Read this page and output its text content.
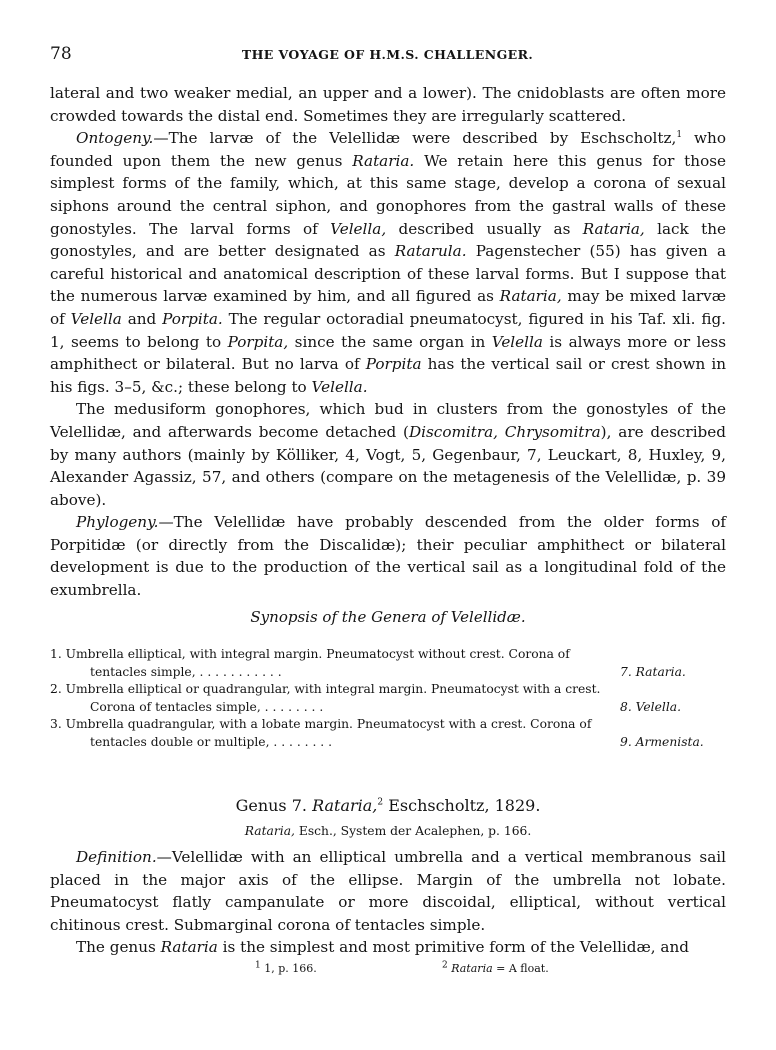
78	THE VOYAGE OF H.M.S. CHALLENGER.

lateral and two weaker medial, an upper and a lower). The cnidoblasts are often more crowded towards the distal end. Sometimes they are irregularly scattered.

Ontogeny.—The larvæ of the Velellidæ were described by Eschscholtz,$^1$ who founded upon them the new genus Rataria. We retain here this genus for those simplest forms of the family, which, at this same stage, develop a corona of sexual siphons around the central siphon, and gonophores from the gastral walls of these gonostyles. The larval forms of Velella, described usually as Rataria, lack the gonostyles, and are better designated as Ratarula. Pagenstecher (55) has given a careful historical and anatomical description of these larval forms. But I suppose that the numerous larvæ examined by him, and all figured as Rataria, may be mixed larvæ of Velella and Porpita. The regular octoradial pneumatocyst, figured in his Taf. xli. fig. 1, seems to belong to Porpita, since the same organ in Velella is always more or less amphithect or bilateral. But no larva of Porpita has the vertical sail or crest shown in his figs. 3–5, &c.; these belong to Velella.

The medusiform gonophores, which bud in clusters from the gonostyles of the Velellidæ, and afterwards become detached (Discomitra, Chrysomitra), are described by many authors (mainly by Kölliker, 4, Vogt, 5, Gegenbaur, 7, Leuckart, 8, Huxley, 9, Alexander Agassiz, 57, and others (compare on the metagenesis of the Velellidæ, p. 39 above).

Phylogeny.—The Velellidæ have probably descended from the older forms of Porpitidæ (or directly from the Discalidæ); their peculiar amphithect or bilateral development is due to the production of the vertical sail as a longitudinal fold of the exumbrella.

Synopsis of the Genera of Velellidæ.
1. Umbrella elliptical, with integral margin. Pneumatocyst without crest. Corona of
tentacles simple, . . . . . . . . . . .	7. Rataria.
2. Umbrella elliptical or quadrangular, with integral margin. Pneumatocyst with a crest.
Corona of tentacles simple, . . . . . . . .	8. Velella.
3. Umbrella quadrangular, with a lobate margin. Pneumatocyst with a crest. Corona of
tentacles double or multiple, . . . . . . . .	9. Armenista.
Genus 7. Rataria,$^2$ Eschscholtz, 1829.
Rataria, Esch., System der Acalephen, p. 166.

Definition.—Velellidæ with an elliptical umbrella and a vertical membranous sail placed in the major axis of the ellipse. Margin of the umbrella not lobate. Pneumatocyst flatly campanulate or more discoidal, elliptical, without vertical chitinous crest. Submarginal corona of tentacles simple.

The genus Rataria is the simplest and most primitive form of the Velellidæ, and

$^1$ 1, p. 166.	$^2$ Rataria = A float.
